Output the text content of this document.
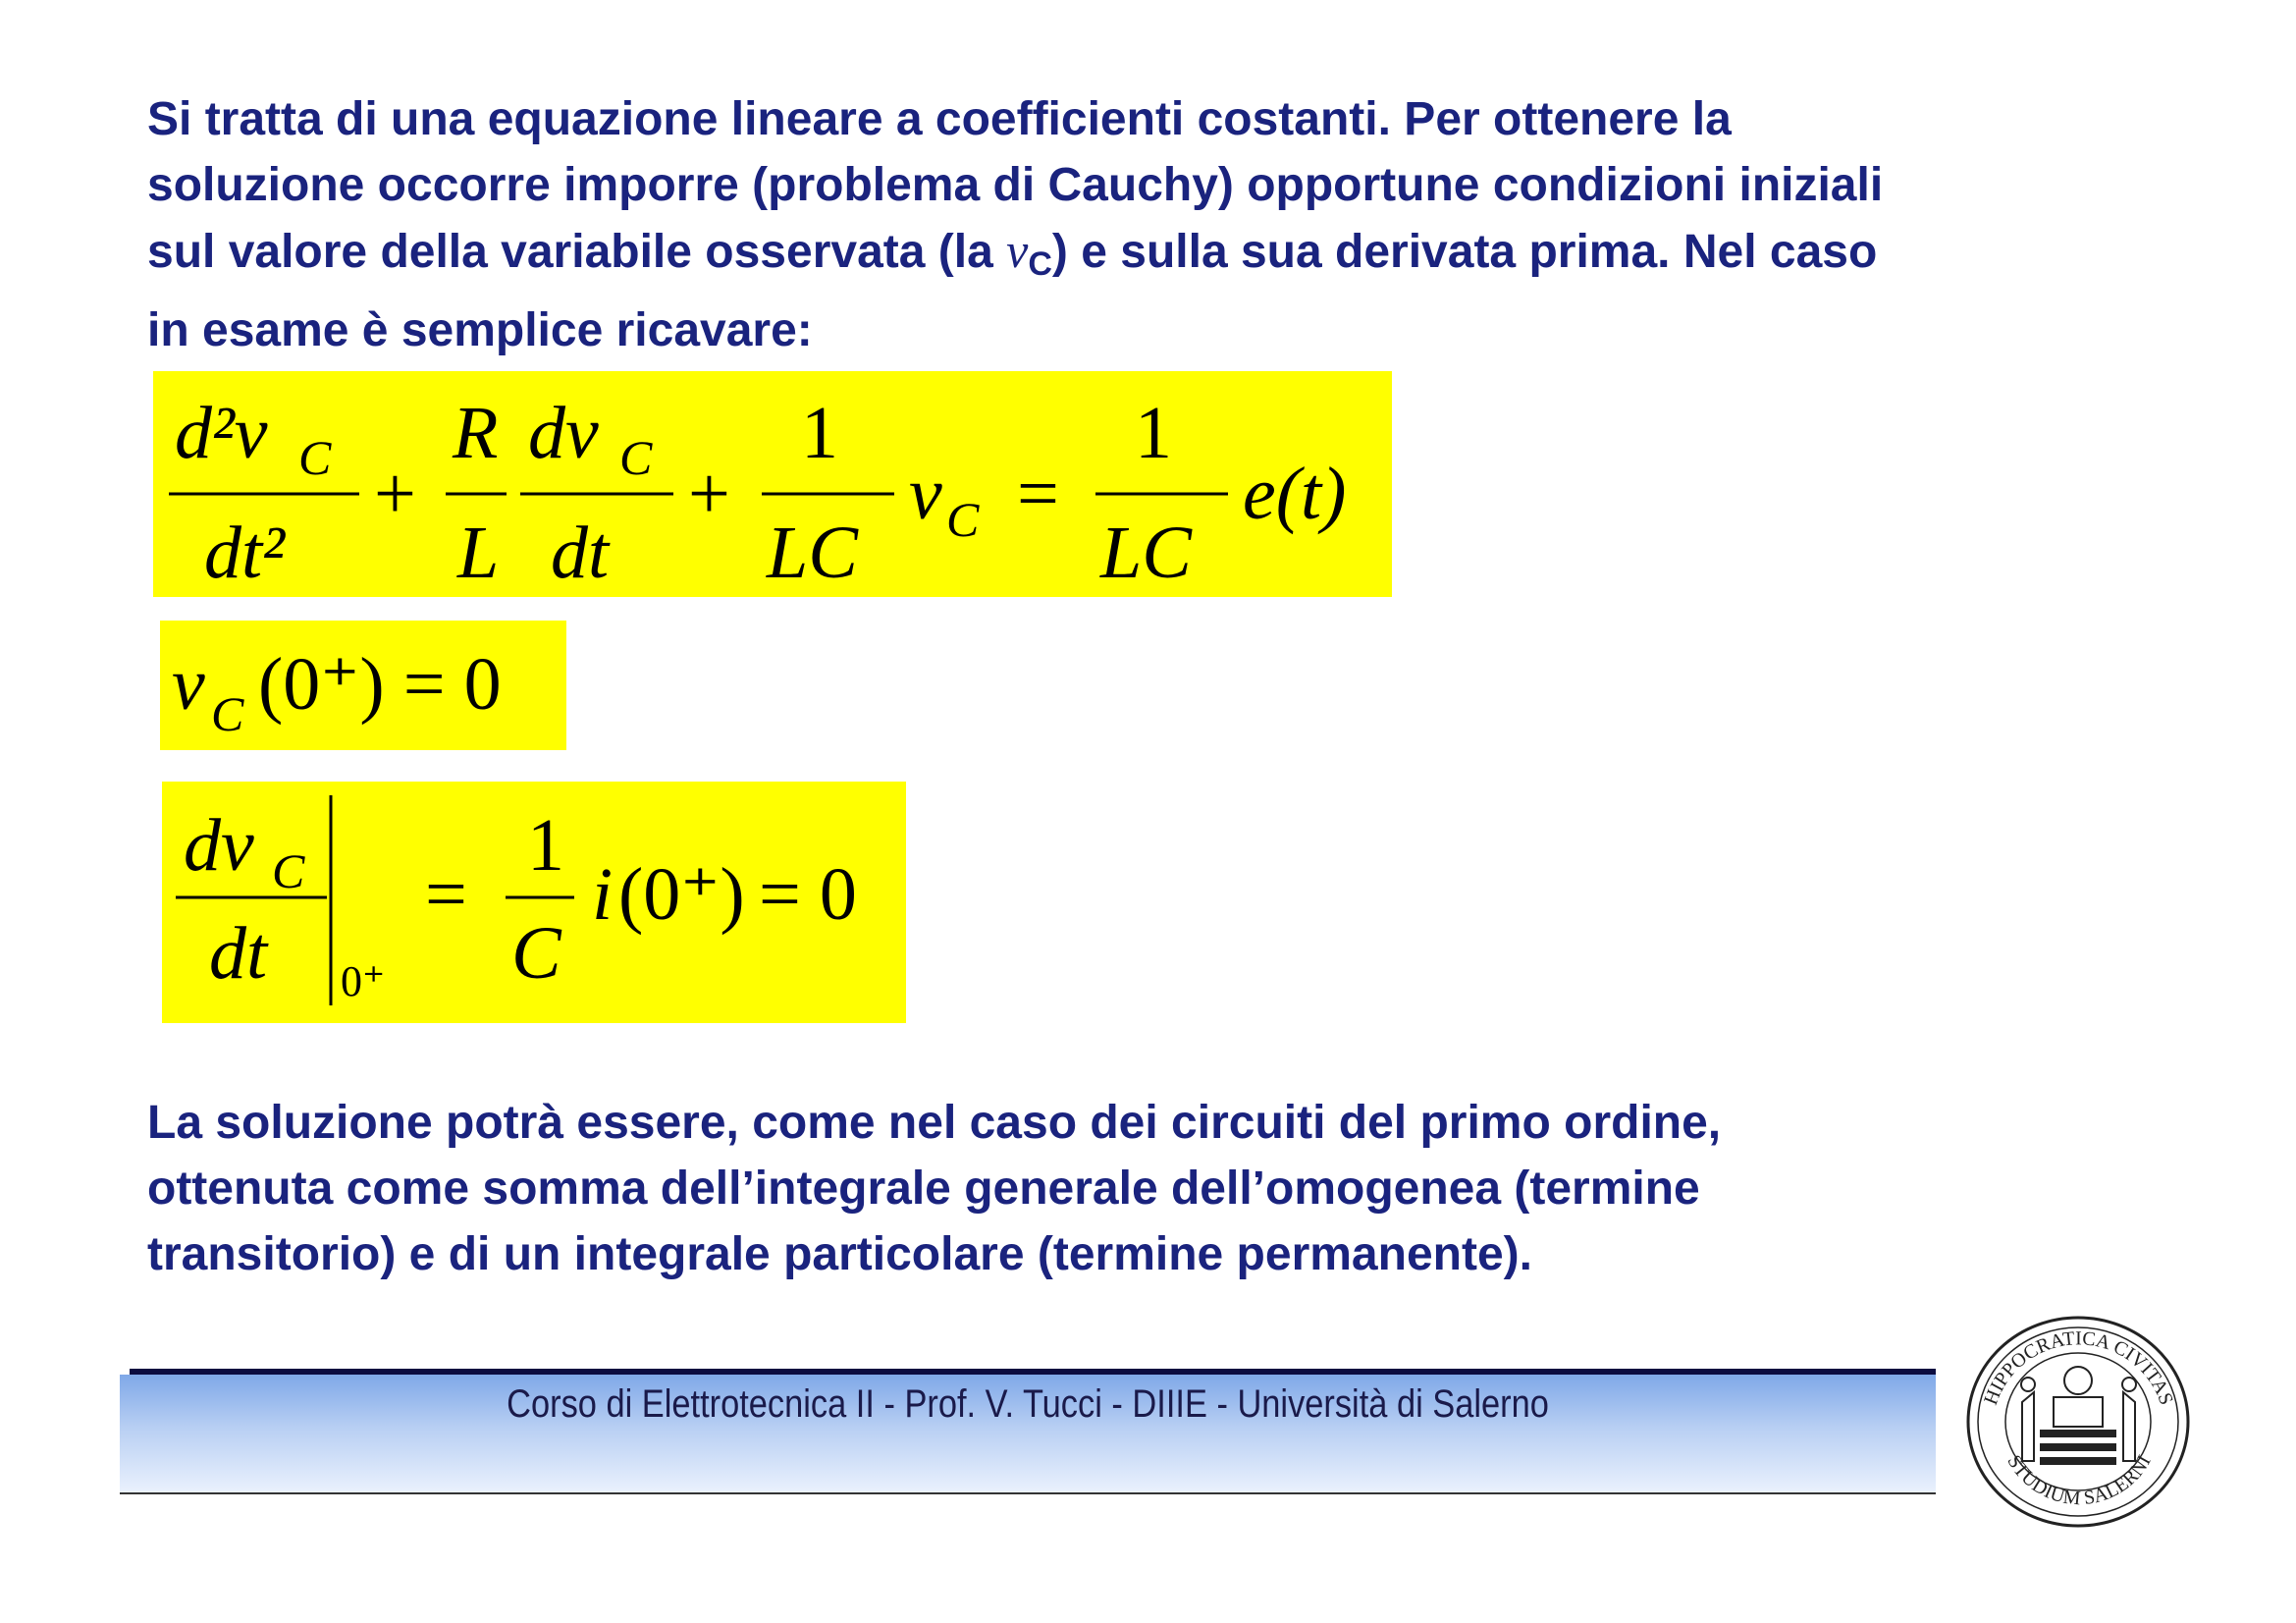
Si tratta di una equazione lineare a coefficienti costanti. Per ottenere la
soluzione occorre imporre (problema di Cauchy) opportune condizioni iniziali
sul valore della variabile osservata (la $v_C$) e sulla sua derivata prima. Nel caso
in esame è semplice ricavare:

d²v C
dt²
+
R
L
dv C
dt
+
1
LC
v C =
1
LC
e(t)
v C (0⁺) = 0
dv C
dt 0⁺
=
1
C
i (0⁺) = 0

La soluzione potrà essere, come nel caso dei circuiti del primo ordine,
ottenuta come somma dell’integrale generale dell’omogenea (termine
transitorio) e di un integrale particolare (termine permanente).

Corso di Elettrotecnica II - Prof. V. Tucci - DIIIE - Università di Salerno	HIPPOCRATICA CIVITAS
STUDIUM SALERNI
